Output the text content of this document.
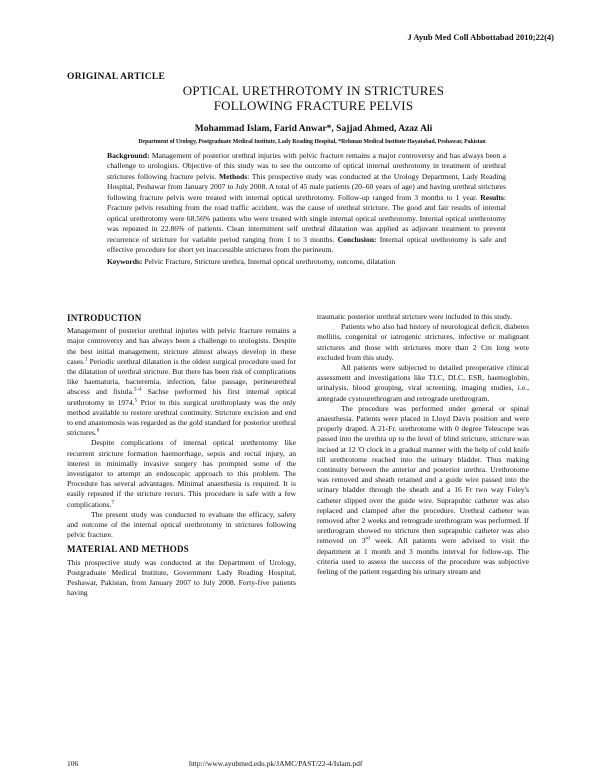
J Ayub Med Coll Abbottabad 2010;22(4)
ORIGINAL ARTICLE
OPTICAL URETHROTOMY IN STRICTURES
FOLLOWING FRACTURE PELVIS
Mohammad Islam, Farid Anwar*, Sajjad Ahmed, Azaz Ali
Department of Urology, Postgraduate Medical Institute, Lady Reading Hospital, *Rehman Medical Institute Hayatabad, Peshawar, Pakistan
Background: Management of posterior urethral injuries with pelvic fracture remains a major controversy and has always been a challenge to urologists. Objective of this study was to see the outcome of optical internal urethrotomy in treatment of urethral strictures following fracture pelvis. Methods: This prospective study was conducted at the Urology Department, Lady Reading Hospital, Peshawar from January 2007 to July 2008. A total of 45 male patients (20–60 years of age) and having urethral strictures following fracture pelvis were treated with internal optical urethrotomy. Follow-up ranged from 3 months to 1 year. Results: Fracture pelvis resulting from the road traffic accident, was the cause of urethral stricture. The good and fair results of internal optical urethrotomy were 68.56% patients who were treated with single internal optical urethrotomy. Internal optical urethrotomy was repeated in 22.86% of patients. Clean intermittent self urethral dilatation was applied as adjuvant treatment to prevent recurrence of stricture for variable period ranging from 1 to 3 months. Conclusion: Internal optical urethrotomy is safe and effective procedure for short yet inaccessible strictures from the perineum.
Keywords: Pelvic Fracture, Stricture urethra, Internal optical urethrotomy, outcome, dilatation
INTRODUCTION

Management of posterior urethral injuries with pelvic fracture remains a major controversy and has always been a challenge to urologists. Despite the best initial management, stricture almost always develop in these cases.$^1$ Periodic urethral dilatation is the oldest surgical procedure used for the dilatation of urethral stricture. But there has been risk of complications like haematuria, bacteremia, infection, false passage, perineurethral abscess and fistula.$^{2-4}$ Sachse performed his first internal optical urethrotomy in 1974.$^5$ Prior to this surgical urethroplasty was the only method available to restore urethral continuity. Stricture excision and end to end anastomosis was regarded as the gold standard for posterior urethral strictures.$^6$

Despite complications of internal optical urethrotomy like recurrent stricture formation haemorrhage, sepsis and rectal injury, an interest in minimally invasive surgery has prompted some of the investigator to attempt an endoscopic approach to this problem. The Procedure has several advantages. Minimal anaesthesia is required. It is easily repeated if the stricture recurs. This procedure is safe with a few complications.$^7$

The present study was conducted to evaluate the efficacy, safety and outcome of the internal optical urethrotomy in strictures following pelvic fracture.

MATERIAL AND METHODS

This prospective study was conducted at the Department of Urology, Postgraduate Medical Institute, Government Lady Reading Hospital, Peshawar, Pakistan, from January 2007 to July 2008. Forty-five patients having

traumatic posterior urethral stricture were included in this study.

Patients who also had history of neurological deficit, diabetes mellitis, congenital or iatrogenic strictures, infective or malignant strictures and those with strictures more than 2 Cm long were excluded from this study.

All patients were subjected to detailed preoperative clinical assessment and investigations like TLC, DLC, ESR, haemoglobin, urinalysis, blood grouping, viral screening, imaging studies, i.e., antegrade cystourethrogram and retrograde urethrogram.

The procedure was performed under general or spinal anaesthesia. Patients were placed in Lloyd Davis position and were properly draped. A 21-Fr. urethrotome with 0 degree Telescope was passed into the urethra up to the level of blind stricture, stricture was incised at 12 'O clock in a gradual manner with the help of cold knife till urethrotome reached into the urinary bladder. Thus making continuity between the anterior and posterior urethra. Urethrotome was removed and sheath retained and a guide wire passed into the urinary bladder through the sheath and a 16 Fr two way Foley's catheter slipped over the guide wire. Suprapubic catheter was also replaced and clamped after the procedure. Urethral catheter was removed after 2 weeks and retrograde urethrogram was performed. If urethrogram showed no stricture then suprapubic catheter was also removed on 3rd week. All patients were advised to visit the department at 1 month and 3 months interval for follow-up. The criteria used to assess the success of the procedure was subjective feeling of the patient regarding his urinary stream and

106	http://www.ayubmed.edu.pk/JAMC/PAST/22-4/Islam.pdf
